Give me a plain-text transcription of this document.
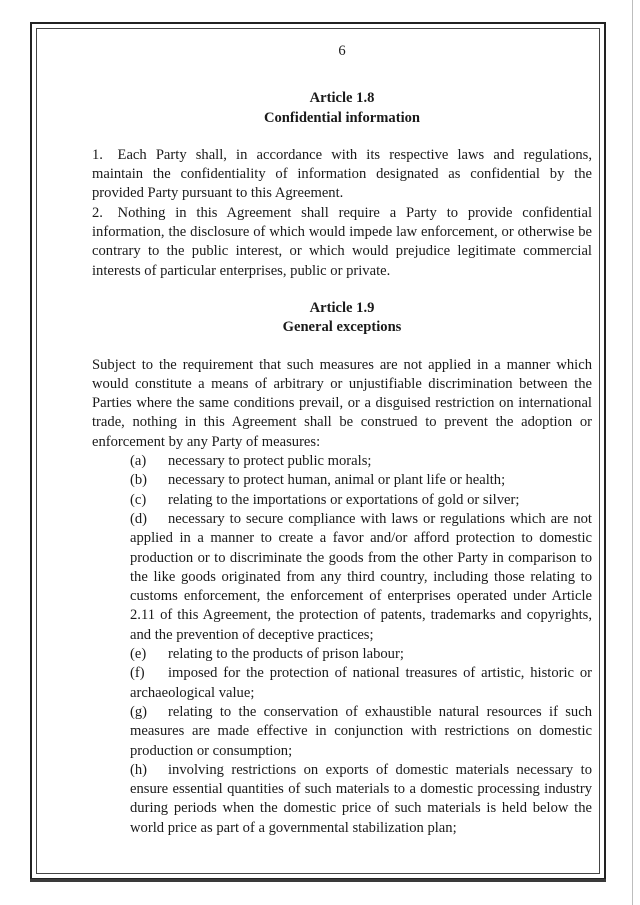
6

Article 1.8

Confidential information

1. Each Party shall, in accordance with its respective laws and regulations, maintain the confidentiality of information designated as confidential by the provided Party pursuant to this Agreement.

2. Nothing in this Agreement shall require a Party to provide confidential information, the disclosure of which would impede law enforcement, or otherwise be contrary to the public interest, or which would prejudice legitimate commercial interests of particular enterprises, public or private.

Article 1.9

General exceptions

Subject to the requirement that such measures are not applied in a manner which would constitute a means of arbitrary or unjustifiable discrimination between the Parties where the same conditions prevail, or a disguised restriction on international trade, nothing in this Agreement shall be construed to prevent the adoption or enforcement by any Party of measures:

(a) necessary to protect public morals;

(b) necessary to protect human, animal or plant life or health;

(c) relating to the importations or exportations of gold or silver;

(d) necessary to secure compliance with laws or regulations which are not applied in a manner to create a favor and/or afford protection to domestic production or to discriminate the goods from the other Party in comparison to the like goods originated from any third country, including those relating to customs enforcement, the enforcement of enterprises operated under Article 2.11 of this Agreement, the protection of patents, trademarks and copyrights, and the prevention of deceptive practices;

(e) relating to the products of prison labour;

(f) imposed for the protection of national treasures of artistic, historic or archaeological value;

(g) relating to the conservation of exhaustible natural resources if such measures are made effective in conjunction with restrictions on domestic production or consumption;

(h) involving restrictions on exports of domestic materials necessary to ensure essential quantities of such materials to a domestic processing industry during periods when the domestic price of such materials is held below the world price as part of a governmental stabilization plan;
